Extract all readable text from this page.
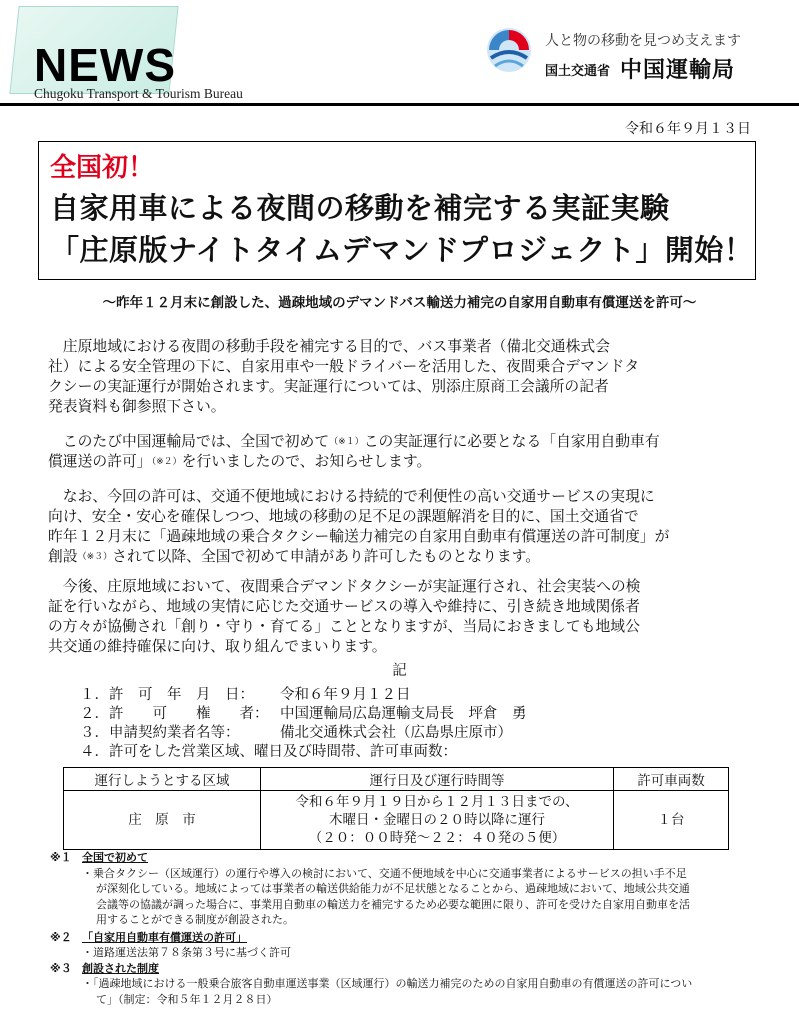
NEWS
Chugoku Transport & Tourism Bureau
人と物の移動を見つめ支えます
国土交通省 中国運輸局
令和６年９月１３日
全国初！
自家用車による夜間の移動を補完する実証実験
「庄原版ナイトタイムデマンドプロジェクト」開始！
～昨年１２月末に創設した、過疎地域のデマンドバス輸送力補完の自家用自動車有償運送を許可～
　庄原地域における夜間の移動手段を補完する目的で、バス事業者（備北交通株式会
社）による安全管理の下に、自家用車や一般ドライバーを活用した、夜間乗合デマンドタ
クシーの実証運行が開始されます。実証運行については、別添庄原商工会議所の記者
発表資料も御参照下さい。
　このたび中国運輸局では、全国で初めて$^{(※1)}$この実証運行に必要となる「自家用自動車有
償運送の許可」$^{(※2)}$を行いましたので、お知らせします。
　なお、今回の許可は、交通不便地域における持続的で利便性の高い交通サービスの実現に
向け、安全・安心を確保しつつ、地域の移動の足不足の課題解消を目的に、国土交通省で
昨年１２月末に「過疎地域の乗合タクシー輸送力補完の自家用自動車有償運送の許可制度」が
創設$^{(※3)}$されて以降、全国で初めて申請があり許可したものとなります。
　今後、庄原地域において、夜間乗合デマンドタクシーが実証運行され、社会実装への検
証を行いながら、地域の実情に応じた交通サービスの導入や維持に、引き続き地域関係者
の方々が協働され「創り・守り・育てる」こととなりますが、当局におきましても地域公
共交通の維持確保に向け、取り組んでまいります。
記
１．許　可　年　月　日： 令和６年９月１２日
２．許　　可　　権　　者： 中国運輸局広島運輸支局長　坪倉　勇
３．申請契約業者名等：	備北交通株式会社（広島県庄原市）
４．許可をした営業区域、曜日及び時間帯、許可車両数：
運行しようとする区域	運行日及び運行時間等	許可車両数
庄　原　市	令和６年９月１９日から１２月１３日までの、
木曜日・金曜日の２０時以降に運行
（２０：００時発～２２：４０発の５便）	１台
※１ 全国で初めて
・乗合タクシー（区域運行）の運行や導入の検討において、交通不便地域を中心に交通事業者によるサービスの担い手不足
が深刻化している。地域によっては事業者の輸送供給能力が不足状態となることから、過疎地域において、地域公共交通
会議等の協議が調った場合に、事業用自動車の輸送力を補完するため必要な範囲に限り、許可を受けた自家用自動車を活
用することができる制度が創設された。
※２ 「自家用自動車有償運送の許可」
・道路運送法第７８条第３号に基づく許可
※３ 創設された制度
・「過疎地域における一般乗合旅客自動車運送事業（区域運行）の輸送力補完のための自家用自動車の有償運送の許可につい
て」（制定：令和５年１２月２８日）
